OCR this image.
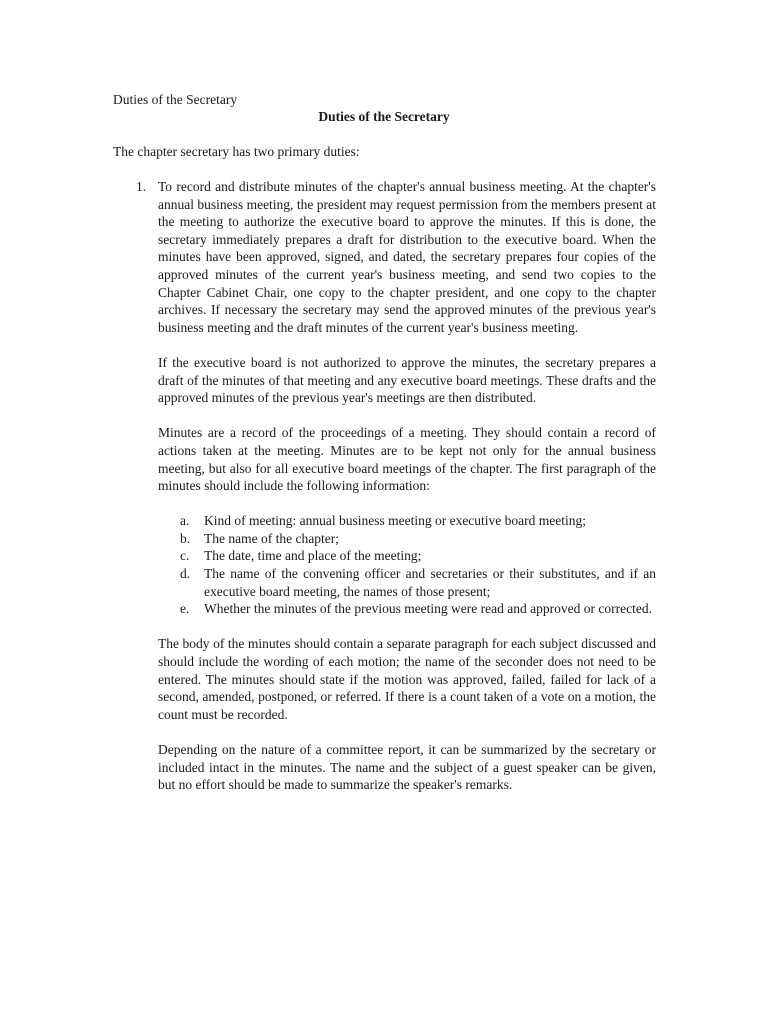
Duties of the Secretary
Duties of the Secretary

The chapter secretary has two primary duties:

1. To record and distribute minutes of the chapter's annual business meeting. At the chapter's annual business meeting, the president may request permission from the members present at the meeting to authorize the executive board to approve the minutes. If this is done, the secretary immediately prepares a draft for distribution to the executive board. When the minutes have been approved, signed, and dated, the secretary prepares four copies of the approved minutes of the current year's business meeting, and send two copies to the Chapter Cabinet Chair, one copy to the chapter president, and one copy to the chapter archives. If necessary the secretary may send the approved minutes of the previous year's business meeting and the draft minutes of the current year's business meeting.

If the executive board is not authorized to approve the minutes, the secretary prepares a draft of the minutes of that meeting and any executive board meetings. These drafts and the approved minutes of the previous year's meetings are then distributed.

Minutes are a record of the proceedings of a meeting. They should contain a record of actions taken at the meeting. Minutes are to be kept not only for the annual business meeting, but also for all executive board meetings of the chapter. The first paragraph of the minutes should include the following information:

a.	Kind of meeting: annual business meeting or executive board meeting;
b.	The name of the chapter;
c.	The date, time and place of the meeting;
d.	The name of the convening officer and secretaries or their substitutes, and if an executive board meeting, the names of those present;
e.	Whether the minutes of the previous meeting were read and approved or corrected.

The body of the minutes should contain a separate paragraph for each subject discussed and should include the wording of each motion; the name of the seconder does not need to be entered. The minutes should state if the motion was approved, failed, failed for lack of a second, amended, postponed, or referred. If there is a count taken of a vote on a motion, the count must be recorded.

Depending on the nature of a committee report, it can be summarized by the secretary or included intact in the minutes. The name and the subject of a guest speaker can be given, but no effort should be made to summarize the speaker's remarks.
